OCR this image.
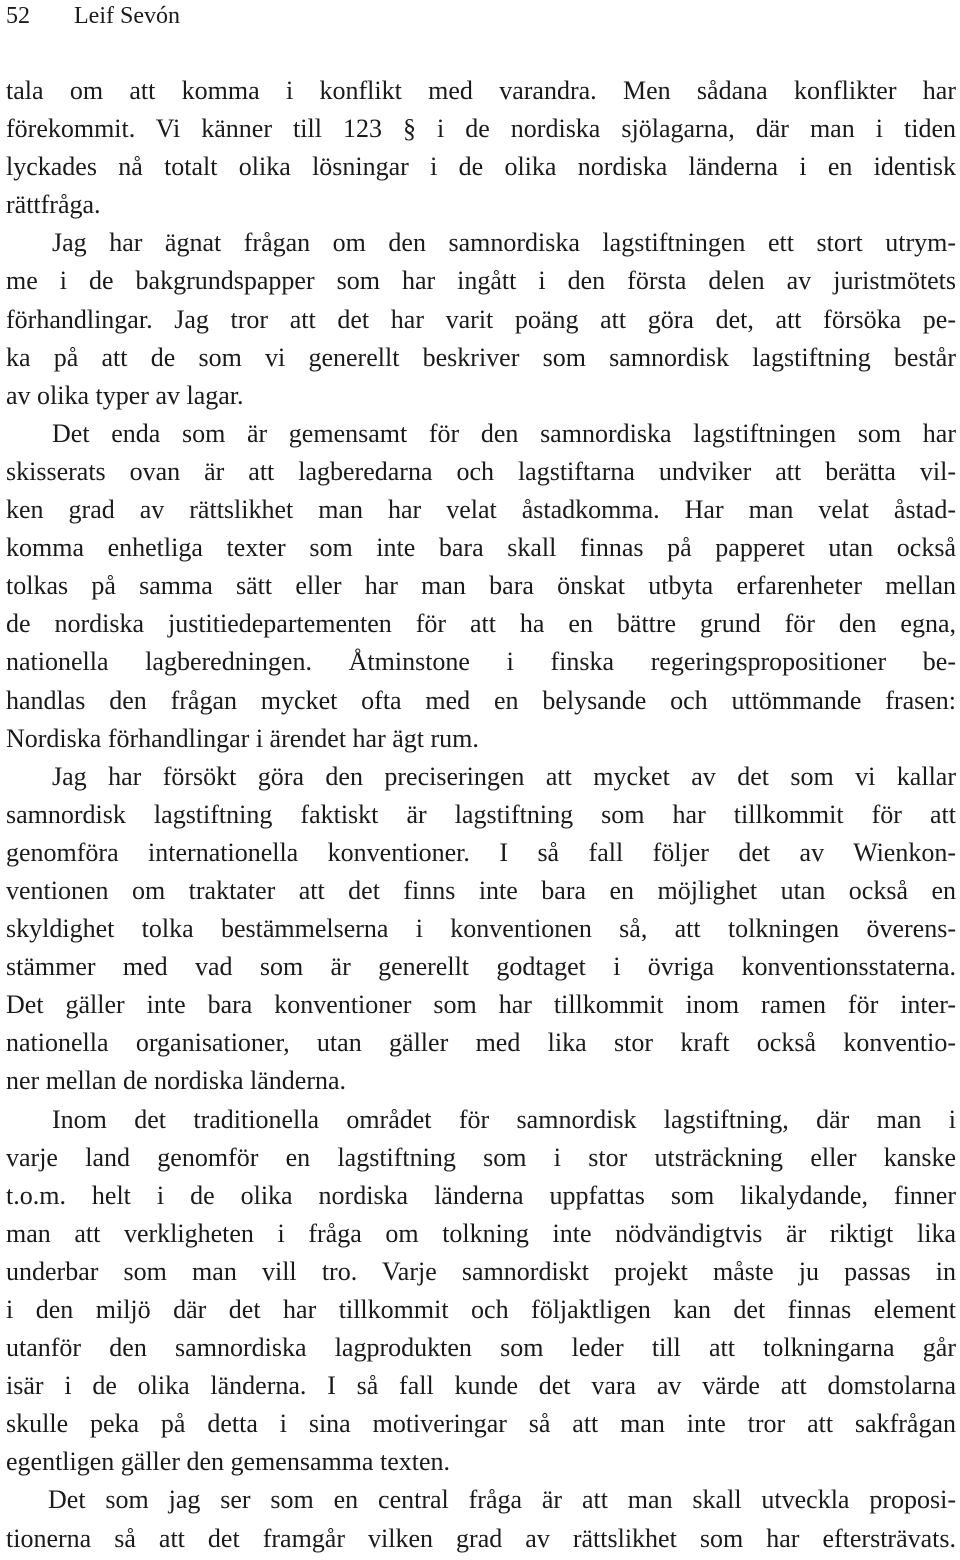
52 Leif Sevón
tala om att komma i konflikt med varandra. Men sådana konflikter har
förekommit. Vi känner till 123 § i de nordiska sjölagarna, där man i tiden
lyckades nå totalt olika lösningar i de olika nordiska länderna i en identisk
rättfråga.
Jag har ägnat frågan om den samnordiska lagstiftningen ett stort utrym-
me i de bakgrundspapper som har ingått i den första delen av juristmötets
förhandlingar. Jag tror att det har varit poäng att göra det, att försöka pe-
ka på att de som vi generellt beskriver som samnordisk lagstiftning består
av olika typer av lagar.
Det enda som är gemensamt för den samnordiska lagstiftningen som har
skisserats ovan är att lagberedarna och lagstiftarna undviker att berätta vil-
ken grad av rättslikhet man har velat åstadkomma. Har man velat åstad-
komma enhetliga texter som inte bara skall finnas på papperet utan också
tolkas på samma sätt eller har man bara önskat utbyta erfarenheter mellan
de nordiska justitiedepartementen för att ha en bättre grund för den egna,
nationella lagberedningen. Åtminstone i finska regeringspropositioner be-
handlas den frågan mycket ofta med en belysande och uttömmande frasen:
Nordiska förhandlingar i ärendet har ägt rum.
Jag har försökt göra den preciseringen att mycket av det som vi kallar
samnordisk lagstiftning faktiskt är lagstiftning som har tillkommit för att
genomföra internationella konventioner. I så fall följer det av Wienkon-
ventionen om traktater att det finns inte bara en möjlighet utan också en
skyldighet tolka bestämmelserna i konventionen så, att tolkningen överens-
stämmer med vad som är generellt godtaget i övriga konventionsstaterna.
Det gäller inte bara konventioner som har tillkommit inom ramen för inter-
nationella organisationer, utan gäller med lika stor kraft också konventio-
ner mellan de nordiska länderna.
Inom det traditionella området för samnordisk lagstiftning, där man i
varje land genomför en lagstiftning som i stor utsträckning eller kanske
t.o.m. helt i de olika nordiska länderna uppfattas som likalydande, finner
man att verkligheten i fråga om tolkning inte nödvändigtvis är riktigt lika
underbar som man vill tro. Varje samnordiskt projekt måste ju passas in
i den miljö där det har tillkommit och följaktligen kan det finnas element
utanför den samnordiska lagprodukten som leder till att tolkningarna går
isär i de olika länderna. I så fall kunde det vara av värde att domstolarna
skulle peka på detta i sina motiveringar så att man inte tror att sakfrågan
egentligen gäller den gemensamma texten.
Det som jag ser som en central fråga är att man skall utveckla proposi-
tionerna så att det framgår vilken grad av rättslikhet som har eftersträvats.
